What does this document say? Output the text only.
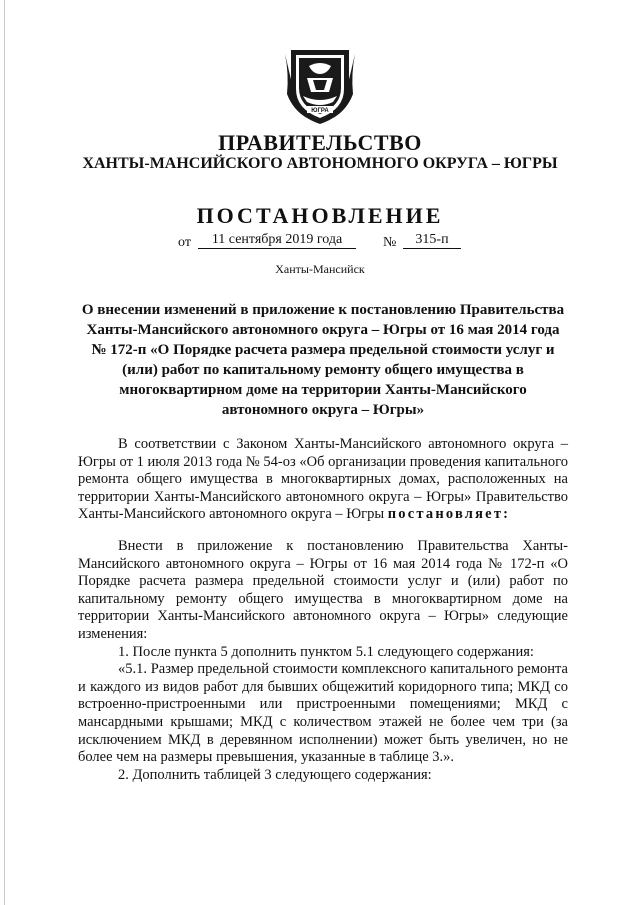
ЮГРА
ПРАВИТЕЛЬСТВО
ХАНТЫ-МАНСИЙСКОГО АВТОНОМНОГО ОКРУГА – ЮГРЫ
ПОСТАНОВЛЕНИЕ
от	11 сентября 2019 года	№	315-п
Ханты-Мансийск
О внесении изменений в приложение к постановлению Правительства Ханты-Мансийского автономного округа – Югры от 16 мая 2014 года № 172-п «О Порядке расчета размера предельной стоимости услуг и (или) работ по капитальному ремонту общего имущества в многоквартирном доме на территории Ханты-Мансийского автономного округа – Югры»

В соответствии с Законом Ханты-Мансийского автономного округа – Югры от 1 июля 2013 года № 54-оз «Об организации проведения капитального ремонта общего имущества в многоквартирных домах, расположенных на территории Ханты-Мансийского автономного округа – Югры» Правительство Ханты-Мансийского автономного округа – Югры постановляет:

Внести в приложение к постановлению Правительства Ханты-Мансийского автономного округа – Югры от 16 мая 2014 года № 172-п «О Порядке расчета размера предельной стоимости услуг и (или) работ по капитальному ремонту общего имущества в многоквартирном доме на территории Ханты-Мансийского автономного округа – Югры» следующие изменения:

1. После пункта 5 дополнить пунктом 5.1 следующего содержания:

«5.1. Размер предельной стоимости комплексного капитального ремонта и каждого из видов работ для бывших общежитий коридорного типа; МКД со встроенно-пристроенными или пристроенными помещениями; МКД с мансардными крышами; МКД с количеством этажей не более чем три (за исключением МКД в деревянном исполнении) может быть увеличен, но не более чем на размеры превышения, указанные в таблице 3.».

2. Дополнить таблицей 3 следующего содержания:
